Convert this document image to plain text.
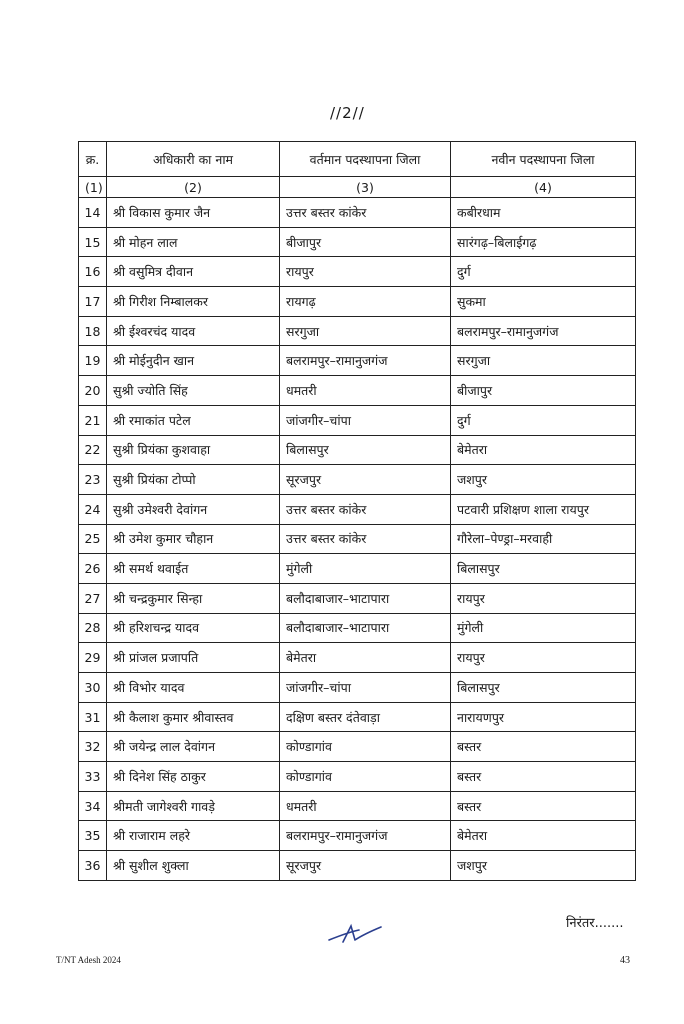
//2//
क्र.	अधिकारी का नाम	वर्तमान पदस्थापना जिला	नवीन पदस्थापना जिला
(1)	(2)	(3)	(4)
14	श्री विकास कुमार जैन	उत्तर बस्तर कांकेर	कबीरधाम
15	श्री मोहन लाल	बीजापुर	सारंगढ़–बिलाईगढ़
16	श्री वसुमित्र दीवान	रायपुर	दुर्ग
17	श्री गिरीश निम्बालकर	रायगढ़	सुकमा
18	श्री ईश्वरचंद यादव	सरगुजा	बलरामपुर–रामानुजगंज
19	श्री मोईनुदीन खान	बलरामपुर–रामानुजगंज	सरगुजा
20	सुश्री ज्योति सिंह	धमतरी	बीजापुर
21	श्री रमाकांत पटेल	जांजगीर–चांपा	दुर्ग
22	सुश्री प्रियंका कुशवाहा	बिलासपुर	बेमेतरा
23	सुश्री प्रियंका टोप्पो	सूरजपुर	जशपुर
24	सुश्री उमेश्वरी देवांगन	उत्तर बस्तर कांकेर	पटवारी प्रशिक्षण शाला रायपुर
25	श्री उमेश कुमार चौहान	उत्तर बस्तर कांकेर	गौरेला–पेण्ड्रा–मरवाही
26	श्री समर्थ थवाईत	मुंगेली	बिलासपुर
27	श्री चन्द्रकुमार सिन्हा	बलौदाबाजार–भाटापारा	रायपुर
28	श्री हरिशचन्द्र यादव	बलौदाबाजार–भाटापारा	मुंगेली
29	श्री प्रांजल प्रजापति	बेमेतरा	रायपुर
30	श्री विभोर यादव	जांजगीर–चांपा	बिलासपुर
31	श्री कैलाश कुमार श्रीवास्तव	दक्षिण बस्तर दंतेवाड़ा	नारायणपुर
32	श्री जयेन्द्र लाल देवांगन	कोण्डागांव	बस्तर
33	श्री दिनेश सिंह ठाकुर	कोण्डागांव	बस्तर
34	श्रीमती जागेश्वरी गावड़े	धमतरी	बस्तर
35	श्री राजाराम लहरे	बलरामपुर–रामानुजगंज	बेमेतरा
36	श्री सुशील शुक्ला	सूरजपुर	जशपुर
निरंतर.......
T/NT Adesh 2024	43
